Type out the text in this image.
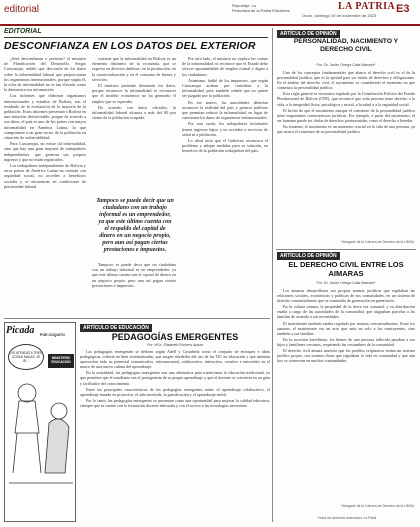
editorial	Reportaje: Lo
Periodista de la Patria Ediciones	LA PATRIA
Oruro, domingo 19 de noviembre de 2023
E3
EDITORIAL
DESCONFIANZA EN LOS DATOS DEL EXTERIOR

¿Será desconfianza o pretexto? el ministro de Planificación del Desarrollo, Sergio Cusicanqui, señaló que desconfía de los datos sobre la informalidad laboral que proporcionan los organismos internacionales, porque según él, la cifra de informalidad no es tan elevada como lo demuestra esa información.

Los informes que elaboran organismos internacionales y estudios de Bolivia, son el resultado de la evaluación de la mayoría de la población. Estos informes presentan a Bolivia en una situación desfavorable, porque de acuerdo a sus datos, el país es uno de los países con mayor informalidad en América Latina, lo que compromete a un gran sector de la población en situación de vulnerabilidad.

Para Cusicanqui, no existe tal informalidad, sino que hay una gran mayoría de trabajadores independientes, que generan sus propios ingresos y que no están registrados.

Los trabajadores independientes de Bolivia y otros países de América Latina no cuentan con seguridad social, no acceden a beneficios sociales y se encuentran en condiciones de precariedad laboral.

sostiene que la informalidad en Bolivia es un elemento distintivo de la economía, que se expresa en diversos ámbitos; en la producción, en la comercialización y en el consumo de bienes y servicios.

El ministro pretende desmentir los datos, porque reconocer la informalidad es reconocer que el modelo económico no ha generado el empleo que se esperaba.

De acuerdo con datos oficiales, la informalidad laboral alcanza a más del 80 por ciento de la población ocupada.

Tampoco se puede decir que un ciudadano con un trabajo informal es un emprendedor, ya que este último cuenta con el respaldo del capital de dinero en un negocio propio, pero aun así pagan ciertas prestaciones e impuestos.

Tampoco se puede decir que un ciudadano con un trabajo informal es un emprendedor, ya que este último cuenta con el capital de dinero en un negocio propio, pero aun así pagan ciertas prestaciones e impuestos.

Por otro lado, el ministro no explica las causas de la informalidad, ni reconoce que el Estado debe ofrecer oportunidades de empleo formal y digno a los ciudadanos.

Asimismo, habló de los impuestos, que según Cusicanqui acaban por contribuir a la informalidad, pero también señaló que no quiere ser juzgado por la población.

En ese marco, las autoridades deberían reconocer la realidad del país y generar políticas que permitan reducir la informalidad, en lugar de cuestionar los datos de organismos internacionales.

Por esta razón, los trabajadores informales tienen ingresos bajos y no acceden a servicios de salud ni a jubilación.

Lo ideal sería que el Gobierno reconozca el problema y adopte medidas para su solución, en beneficio de la población trabajadora del país.

ARTÍCULO DE OPINIÓN
PERSONALIDAD, NACIMIENTO Y DERECHO CIVIL
Por: Dr. Javier Ortega Calla Mamani*

Uno de los conceptos fundamentales que abarca el derecho civil es el de la personalidad jurídica, que es la aptitud para ser titular de derechos y obligaciones. En el ámbito del derecho civil, el nacimiento es considerado el momento en que comienza la personalidad jurídica.

Esta regla general se encuentra regulada por la Constitución Política del Estado Plurinacional de Bolivia (CPE), que reconoce que toda persona tiene derecho a la vida, a la integridad física, psicológica y moral, a la salud y a la seguridad social.

El hecho de que el nacimiento marque el comienzo de la personalidad jurídica tiene importantes consecuencias jurídicas. Por ejemplo, a partir del nacimiento, el ser humano puede ser titular de derechos patrimoniales, como el derecho a heredar.

En resumen, el nacimiento es un momento crucial en la vida de una persona, ya que marca el comienzo de su personalidad jurídica.

*Abogado de la Carrera de Derecho de la UMSA.
ARTÍCULO DE OPINIÓN
EL DERECHO CIVIL ENTRE LOS AIMARAS
Por: Dr. Javier Ortega Calla Mamani*

Los aimaras desarrollaron sus propias normas jurídicas que regulaban las relaciones sociales, económicas y políticas de sus comunidades, en un sistema de derecho consuetudinario que se transmitía de generación en generación.

En la cultura aimara, la propiedad de la tierra era comunal, y su distribución estaba a cargo de las autoridades de la comunidad, que asignaban parcelas a las familias de acuerdo a sus necesidades.

El matrimonio también estaba regulado por normas consuetudinarias. Entre los aimaras, el matrimonio era un acto que unía no solo a los contrayentes, sino también a sus familias.

En la sucesión hereditaria, los bienes de una persona fallecida pasaban a sus hijos y familiares cercanos, respetando las costumbres de la comunidad.

El derecho civil aimara muestra que los pueblos originarios tenían un sistema jurídico propio, con normas claras que regulaban la vida en comunidad y que aún hoy se conservan en muchas comunidades.

*Abogado de la Carrera de Derecho de la UMSA.
Picada POR COQUITO
¡YE ATENDIÓ A TRES COSAS MALAS, JE JE...
MINISTERIO EDUCACIÓN
ARTÍCULO DE EDUCACIÓN
PEDAGOGÍAS EMERGENTES
Por: MSc. Elisabeth Romero Apaza

Las pedagogías emergentes se definen según Adell y Castañeda como el conjunto de enfoques e ideas pedagógicas, todavía no bien sistematizadas, que surgen alrededor del uso de las TIC en educación y que intentan aprovechar todo su potencial comunicativo, informacional, colaborativo, interactivo, creativo e innovador en el marco de una nueva cultura del aprendizaje.

En la actualidad, las pedagogías emergentes son una alternativa para transformar la educación tradicional, ya que permiten que el estudiante sea el protagonista de su propio aprendizaje y que el docente se convierta en un guía y facilitador del conocimiento.

Entre las principales características de las pedagogías emergentes están: el aprendizaje colaborativo, el aprendizaje basado en proyectos, el aula invertida, la gamificación y el aprendizaje móvil.

Por lo tanto, las pedagogías emergentes se presentan como una oportunidad para mejorar la calidad educativa, siempre que se cuente con la formación docente adecuada y con el acceso a las tecnologías necesarias.

Todos los derechos reservados. La Patria
